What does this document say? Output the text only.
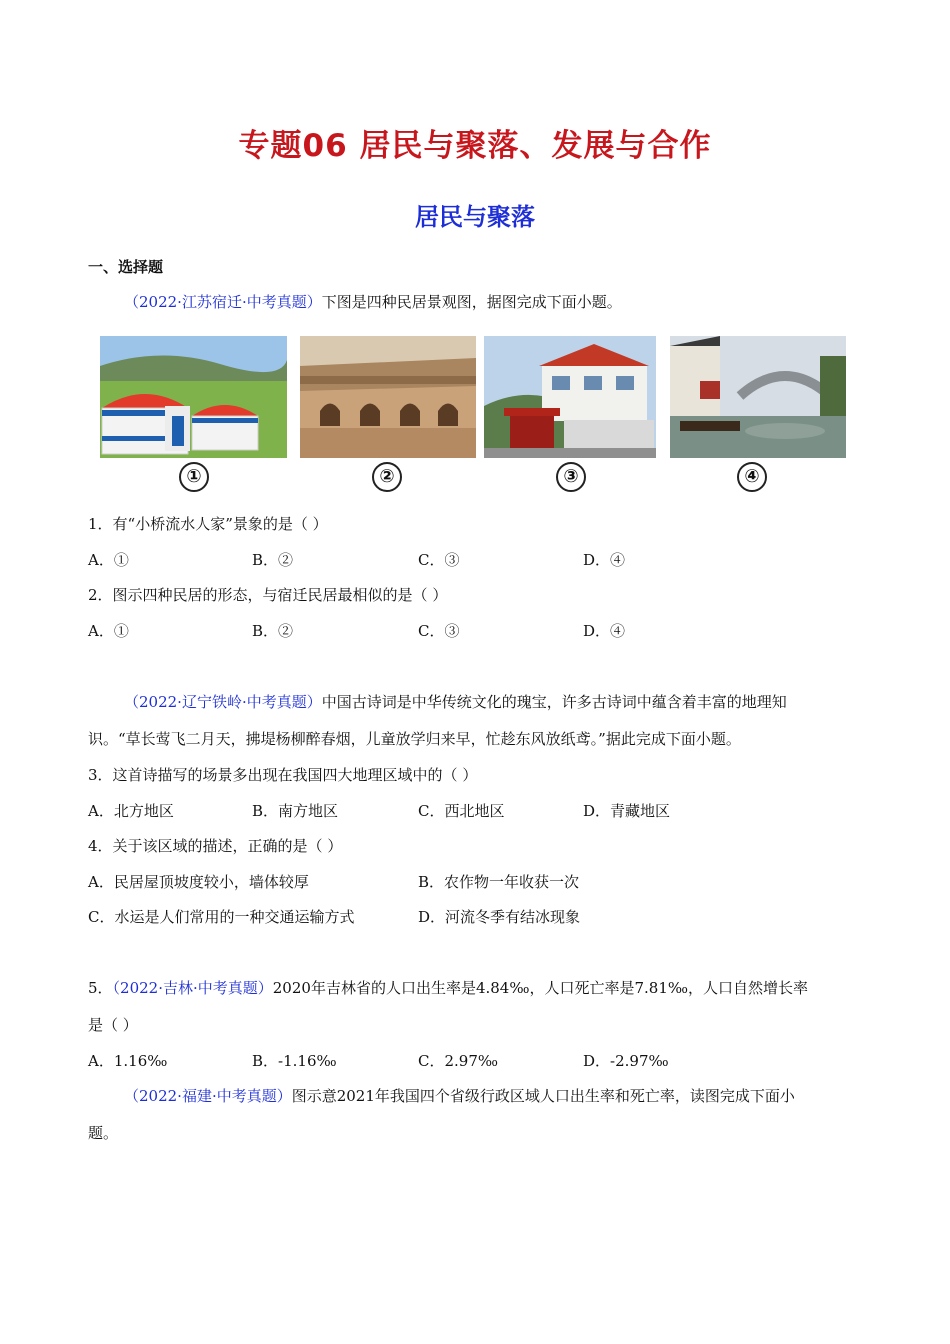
专题06 居民与聚落、发展与合作
居民与聚落
一、选择题
（2022·江苏宿迁·中考真题）下图是四种民居景观图，据图完成下面小题。
①	②	③	④
1．有“小桥流水人家”景象的是（ ）
A．①	B．②	C．③	D．④
2．图示四种民居的形态，与宿迁民居最相似的是（ ）
A．①	B．②	C．③	D．④
（2022·辽宁铁岭·中考真题）中国古诗词是中华传统文化的瑰宝，许多古诗词中蕴含着丰富的地理知
识。“草长莺飞二月天，拂堤杨柳醉春烟，儿童放学归来早，忙趁东风放纸鸢。”据此完成下面小题。
3．这首诗描写的场景多出现在我国四大地理区域中的（ ）
A．北方地区	B．南方地区	C．西北地区	D．青藏地区
4．关于该区域的描述，正确的是（ ）
A．民居屋顶坡度较小，墙体较厚	B．农作物一年收获一次
C．水运是人们常用的一种交通运输方式	D．河流冬季有结冰现象
5．（2022·吉林·中考真题）2020年吉林省的人口出生率是4.84‰，人口死亡率是7.81‰，人口自然增长率
是（ ）
A．1.16‰	B．-1.16‰	C．2.97‰	D．-2.97‰
（2022·福建·中考真题）图示意2021年我国四个省级行政区域人口出生率和死亡率，读图完成下面小
题。
